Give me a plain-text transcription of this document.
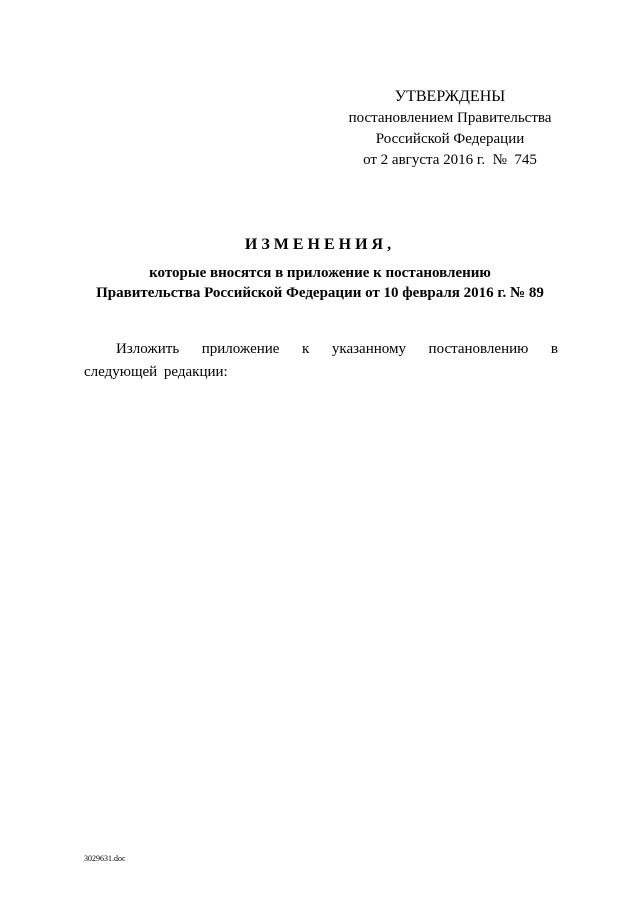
УТВЕРЖДЕНЫ
постановлением Правительства
Российской Федерации
от 2 августа 2016 г.  №  745
ИЗМЕНЕНИЯ,
которые вносятся в приложение к постановлению
Правительства Российской Федерации от 10 февраля 2016 г. № 89
Изложить приложение к указанному постановлению в следующей редакции:
3029631.doc
